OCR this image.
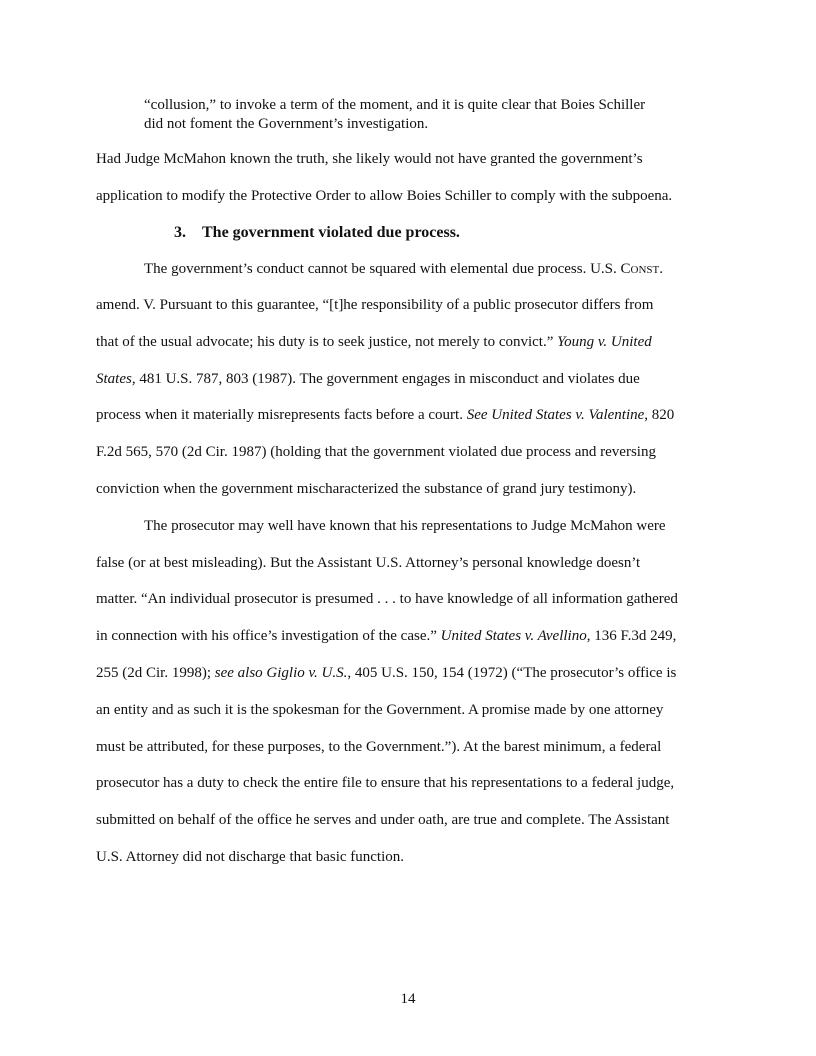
“collusion,” to invoke a term of the moment, and it is quite clear that Boies Schiller
did not foment the Government’s investigation.
Had Judge McMahon known the truth, she likely would not have granted the government’s
application to modify the Protective Order to allow Boies Schiller to comply with the subpoena.
3. The government violated due process.
The government’s conduct cannot be squared with elemental due process. U.S. Const.
amend. V. Pursuant to this guarantee, “[t]he responsibility of a public prosecutor differs from
that of the usual advocate; his duty is to seek justice, not merely to convict.” Young v. United
States, 481 U.S. 787, 803 (1987). The government engages in misconduct and violates due
process when it materially misrepresents facts before a court. See United States v. Valentine, 820
F.2d 565, 570 (2d Cir. 1987) (holding that the government violated due process and reversing
conviction when the government mischaracterized the substance of grand jury testimony).
The prosecutor may well have known that his representations to Judge McMahon were
false (or at best misleading). But the Assistant U.S. Attorney’s personal knowledge doesn’t
matter. “An individual prosecutor is presumed . . . to have knowledge of all information gathered
in connection with his office’s investigation of the case.” United States v. Avellino, 136 F.3d 249,
255 (2d Cir. 1998); see also Giglio v. U.S., 405 U.S. 150, 154 (1972) (“The prosecutor’s office is
an entity and as such it is the spokesman for the Government. A promise made by one attorney
must be attributed, for these purposes, to the Government.”). At the barest minimum, a federal
prosecutor has a duty to check the entire file to ensure that his representations to a federal judge,
submitted on behalf of the office he serves and under oath, are true and complete. The Assistant
U.S. Attorney did not discharge that basic function.
14
